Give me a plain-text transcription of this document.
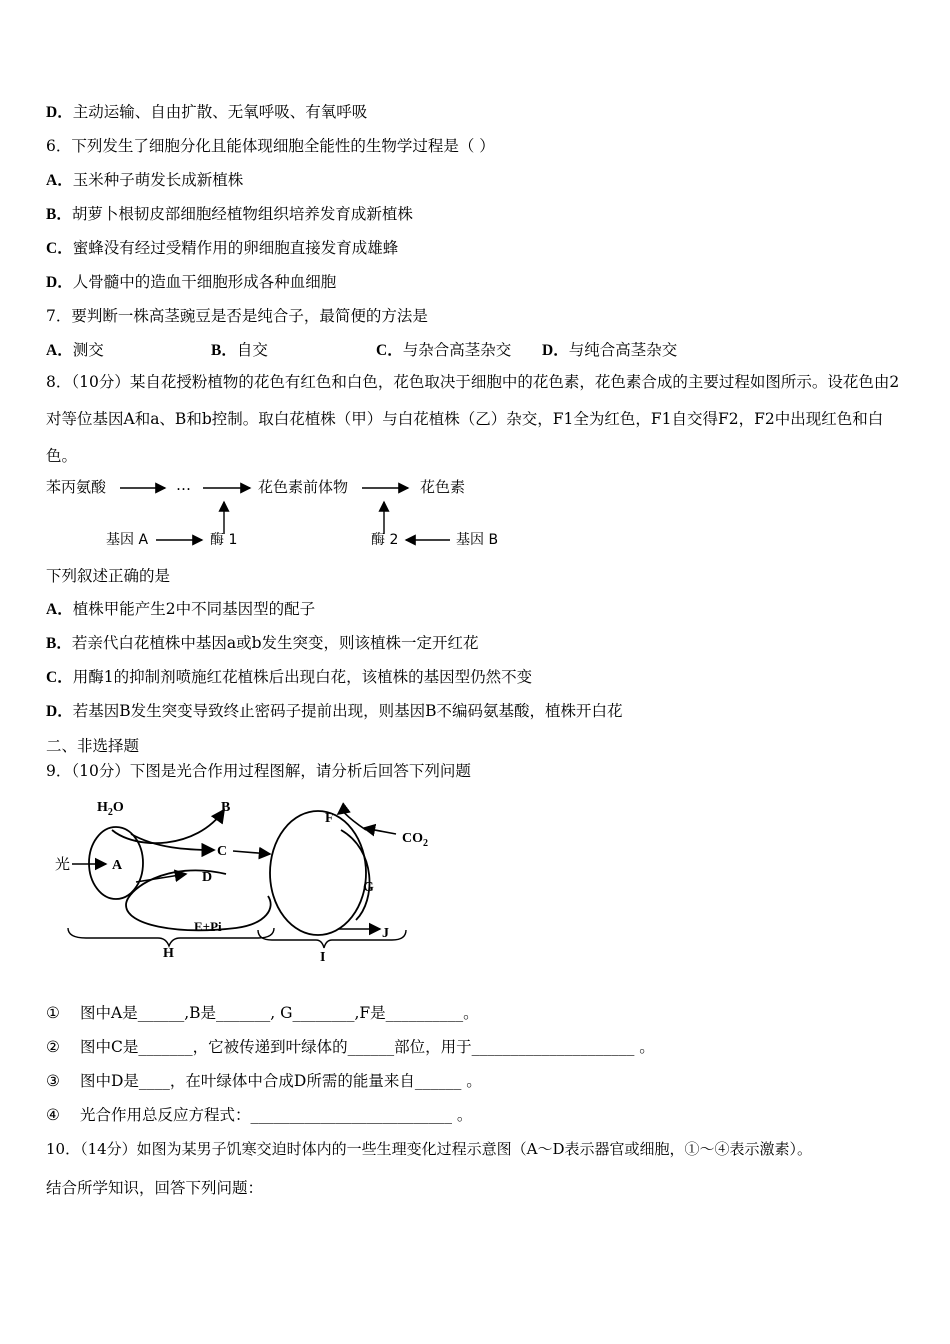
D．主动运输、自由扩散、无氧呼吸、有氧呼吸
6．下列发生了细胞分化且能体现细胞全能性的生物学过程是（ ）
A．玉米种子萌发长成新植株
B．胡萝卜根韧皮部细胞经植物组织培养发育成新植株
C．蜜蜂没有经过受精作用的卵细胞直接发育成雄蜂
D．人骨髓中的造血干细胞形成各种血细胞
7．要判断一株高茎豌豆是否是纯合子，最简便的方法是
A．测交	B．自交	C．与杂合高茎杂交 D．与纯合高茎杂交
8．（10分）某自花授粉植物的花色有红色和白色，花色取决于细胞中的花色素，花色素合成的主要过程如图所示。设花色由2对等位基因A和a、B和b控制。取白花植株（甲）与白花植株（乙）杂交，F1全为红色，F1自交得F2，F2中出现红色和白色。
苯丙氨酸	…	花色素前体物	花色素
基因 A	酶 1	酶 2	基因 B
下列叙述正确的是
A．植株甲能产生2中不同基因型的配子
B．若亲代白花植株中基因a或b发生突变，则该植株一定开红花
C．用酶1的抑制剂喷施红花植株后出现白花，该植株的基因型仍然不变
D．若基因B发生突变导致终止密码子提前出现，则基因B不编码氨基酸，植株开白花
二、非选择题
9．（10分）下图是光合作用过程图解，请分析后回答下列问题
$H_2O$	B
光	A
C
D
E+Pi
F
$CO_2$
G
J
H	I
① 图中A是______,B是_______, G________,F是__________。
② 图中C是_______，它被传递到叶绿体的______部位，用于_____________________ 。
③ 图中D是____，在叶绿体中合成D所需的能量来自______ 。
④ 光合作用总反应方程式：__________________________ 。
10．（14分）如图为某男子饥寒交迫时体内的一些生理变化过程示意图（A～D表示器官或细胞，①～④表示激素）。
结合所学知识，回答下列问题：
